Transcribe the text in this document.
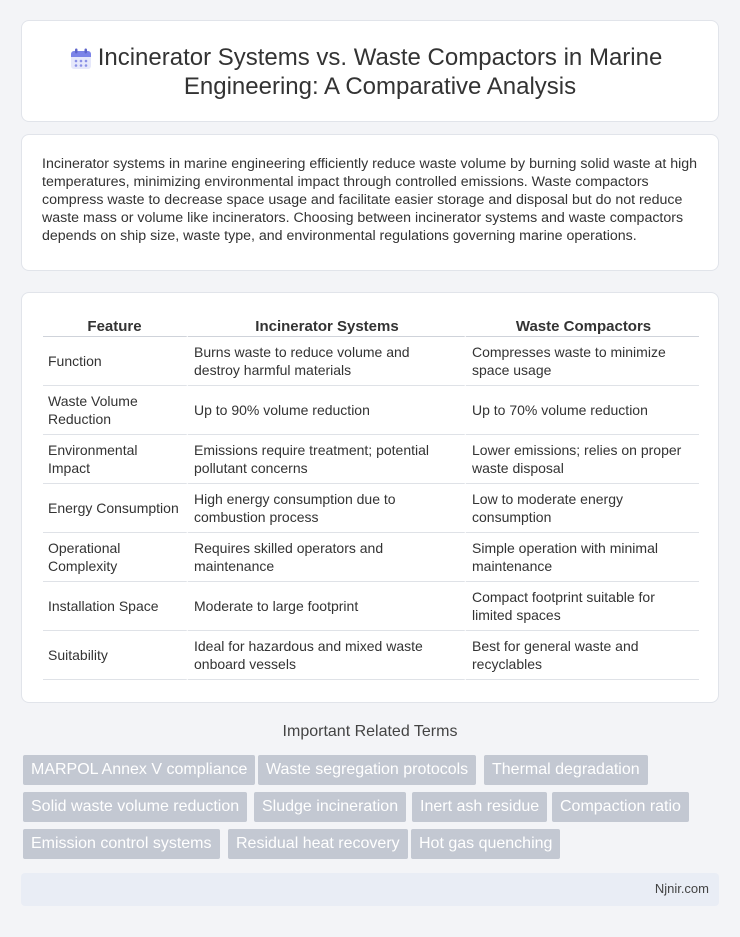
Incinerator Systems vs. Waste Compactors in Marine Engineering: A Comparative Analysis

Incinerator systems in marine engineering efficiently reduce waste volume by burning solid waste at high temperatures, minimizing environmental impact through controlled emissions. Waste compactors compress waste to decrease space usage and facilitate easier storage and disposal but do not reduce waste mass or volume like incinerators. Choosing between incinerator systems and waste compactors depends on ship size, waste type, and environmental regulations governing marine operations.

Feature	Incinerator Systems	Waste Compactors
Function	Burns waste to reduce volume and destroy harmful materials	Compresses waste to minimize space usage
Waste Volume Reduction	Up to 90% volume reduction	Up to 70% volume reduction
Environmental Impact	Emissions require treatment; potential pollutant concerns	Lower emissions; relies on proper waste disposal
Energy Consumption	High energy consumption due to combustion process	Low to moderate energy consumption
Operational Complexity	Requires skilled operators and maintenance	Simple operation with minimal maintenance
Installation Space	Moderate to large footprint	Compact footprint suitable for limited spaces
Suitability	Ideal for hazardous and mixed waste onboard vessels	Best for general waste and recyclables
Important Related Terms
MARPOL Annex V compliance	Waste segregation protocols	Thermal degradation
Solid waste volume reduction	Sludge incineration	Inert ash residue	Compaction ratio
Emission control systems	Residual heat recovery	Hot gas quenching
Njnir.com
